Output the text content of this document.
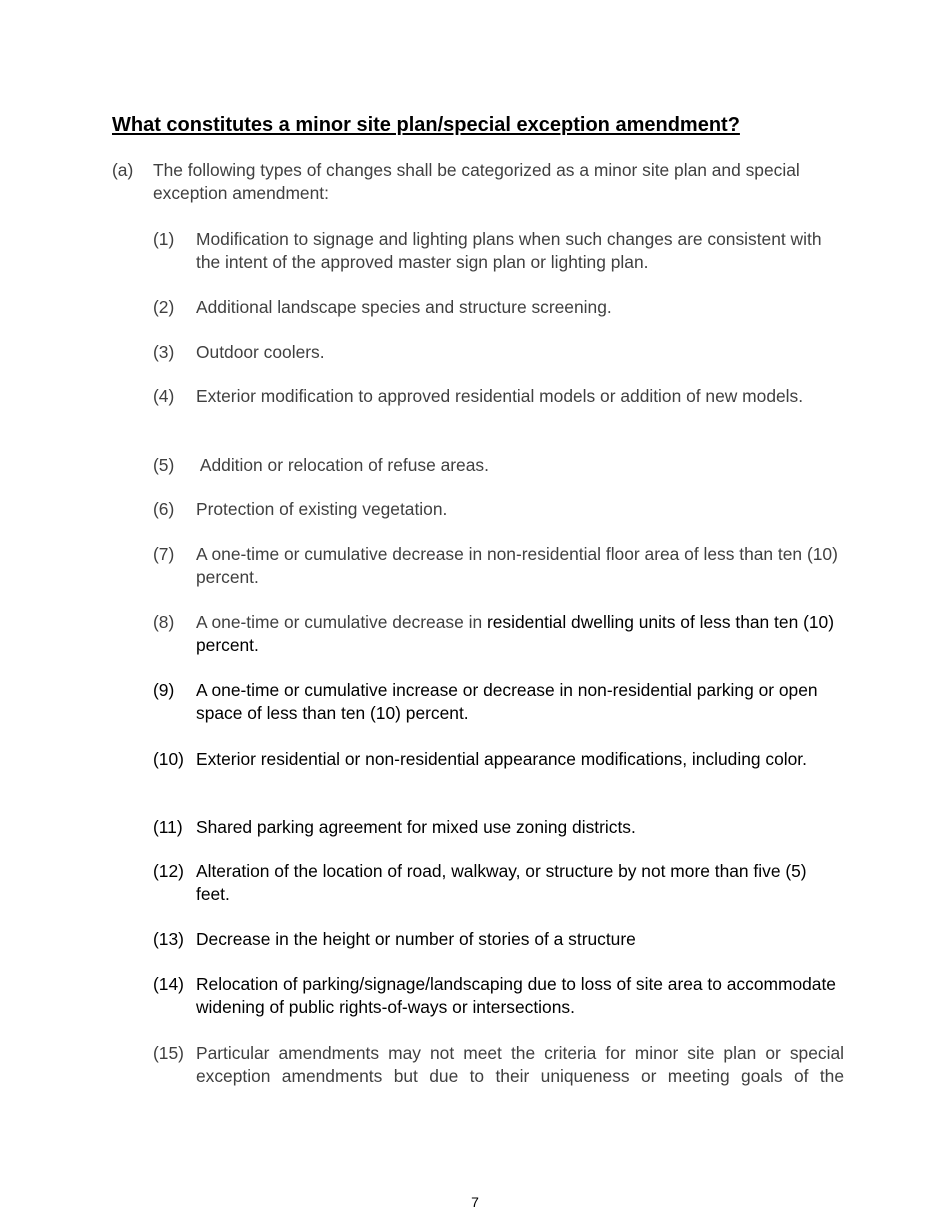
What constitutes a minor site plan/special exception amendment?
(a) The following types of changes shall be categorized as a minor site plan and special exception amendment:
(1) Modification to signage and lighting plans when such changes are consistent with the intent of the approved master sign plan or lighting plan.
(2) Additional landscape species and structure screening.
(3) Outdoor coolers.
(4) Exterior modification to approved residential models or addition of new models.
(5) Addition or relocation of refuse areas.
(6) Protection of existing vegetation.
(7) A one-time or cumulative decrease in non-residential floor area of less than ten (10) percent.
(8) A one-time or cumulative decrease in residential dwelling units of less than ten (10) percent.
(9) A one-time or cumulative increase or decrease in non-residential parking or open space of less than ten (10) percent.
(10) Exterior residential or non-residential appearance modifications, including color.
(11) Shared parking agreement for mixed use zoning districts.
(12) Alteration of the location of road, walkway, or structure by not more than five (5) feet.
(13) Decrease in the height or number of stories of a structure
(14) Relocation of parking/signage/landscaping due to loss of site area to accommodate widening of public rights-of-ways or intersections.
(15) Particular amendments may not meet the criteria for minor site plan or special exception amendments but due to their uniqueness or meeting goals of the
7
